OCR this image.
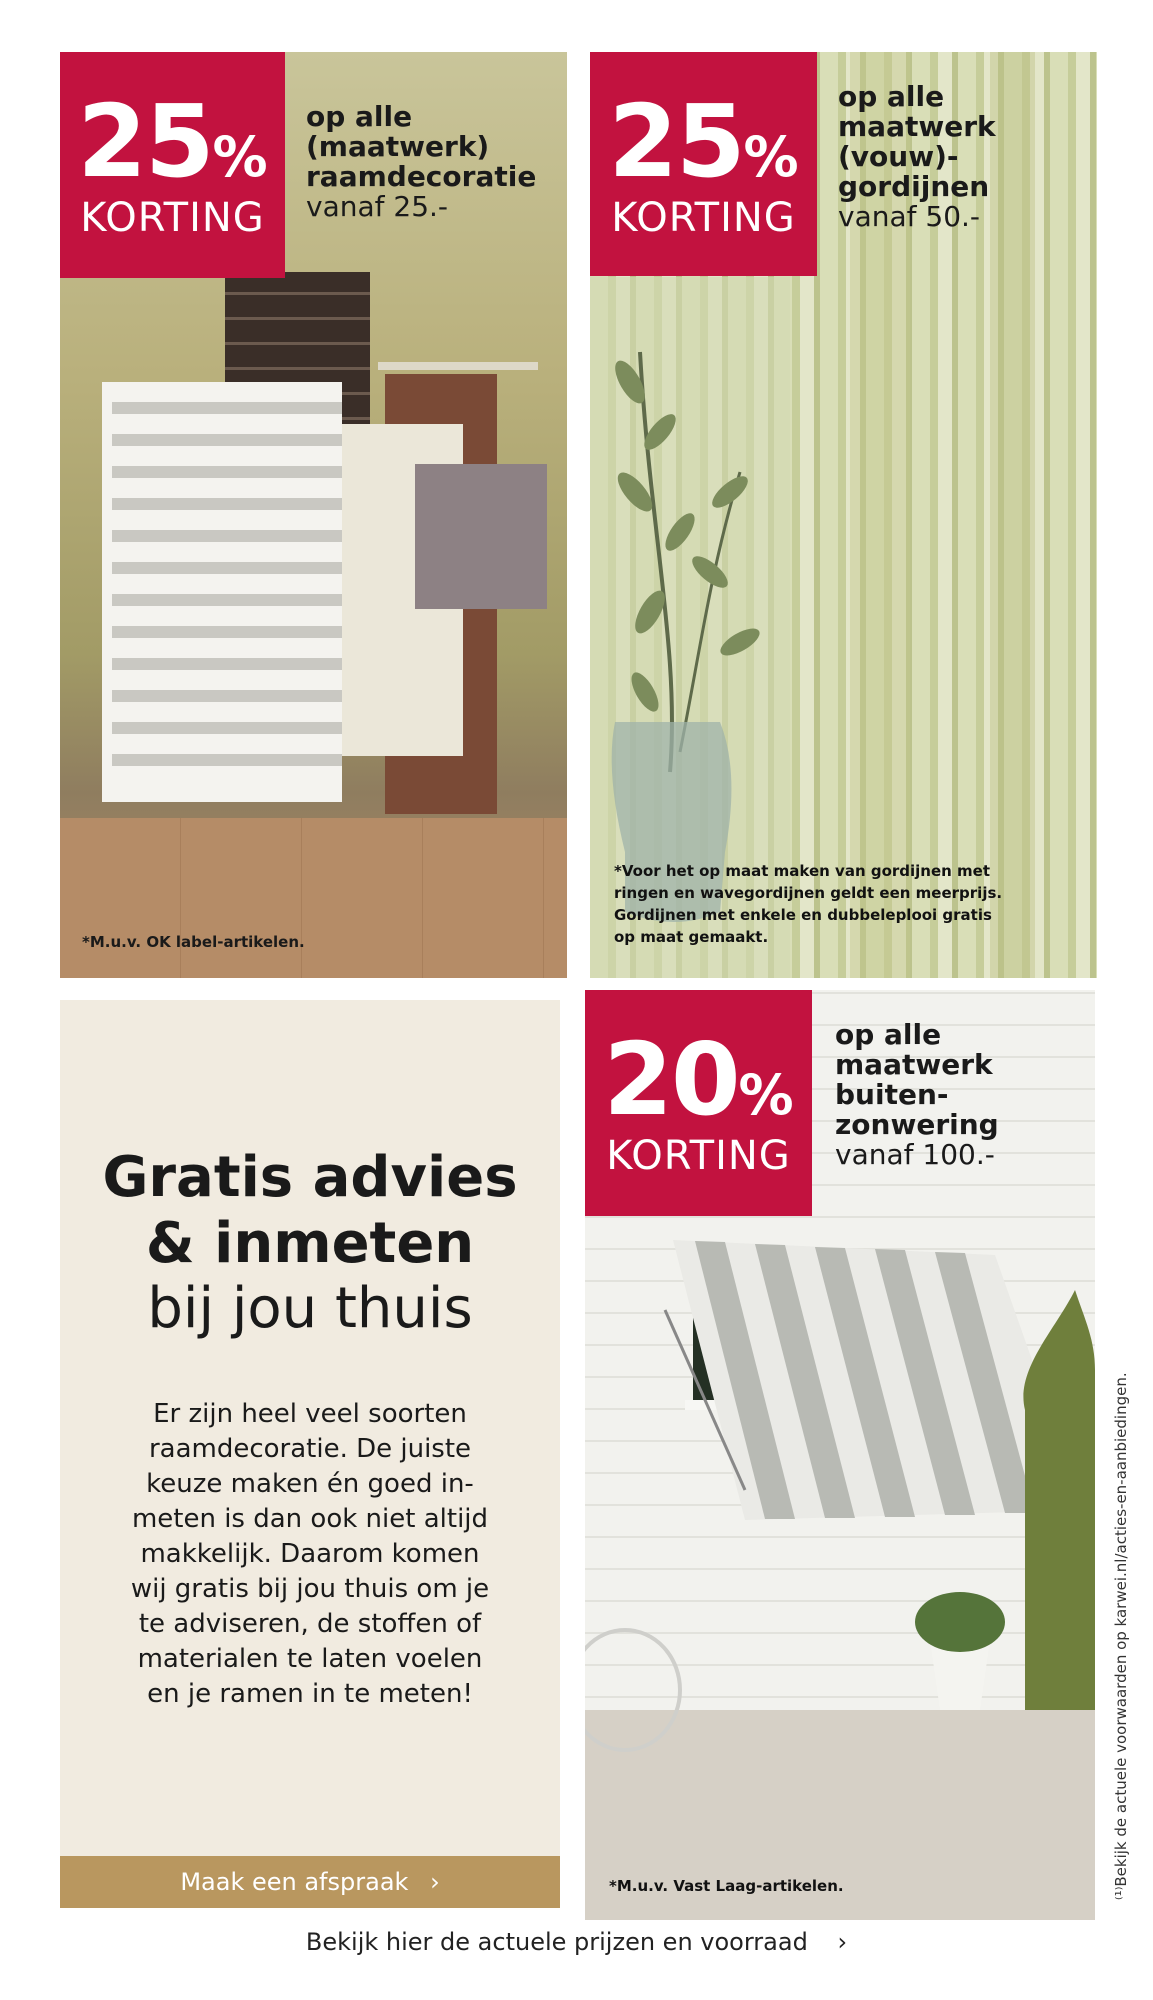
25%
KORTING
op alle
(maatwerk)
raamdecoratie
vanaf 25.-
*M.u.v. OK label-artikelen.
25%
KORTING
op alle
maatwerk
(vouw)-
gordijnen
vanaf 50.-
*Voor het op maat maken van gordijnen met
ringen en wavegordijnen geldt een meerprijs.
Gordijnen met enkele en dubbeleplooi gratis
op maat gemaakt.
Gratis advies
& inmeten
bij jou thuis
Er zijn heel veel soorten
raamdecoratie. De juiste
keuze maken én goed in-
meten is dan ook niet altijd
makkelijk. Daarom komen
wij gratis bij jou thuis om je
te adviseren, de stoffen of
materialen te laten voelen
en je ramen in te meten!
Maak een afspraak ›
20%
KORTING
op alle
maatwerk
buiten-
zonwering
vanaf 100.-
*M.u.v. Vast Laag-artikelen.	⁽¹⁾Bekijk de actuele voorwaarden op karwei.nl/acties-en-aanbiedingen.
Bekijk hier de actuele prijzen en voorraad ›
